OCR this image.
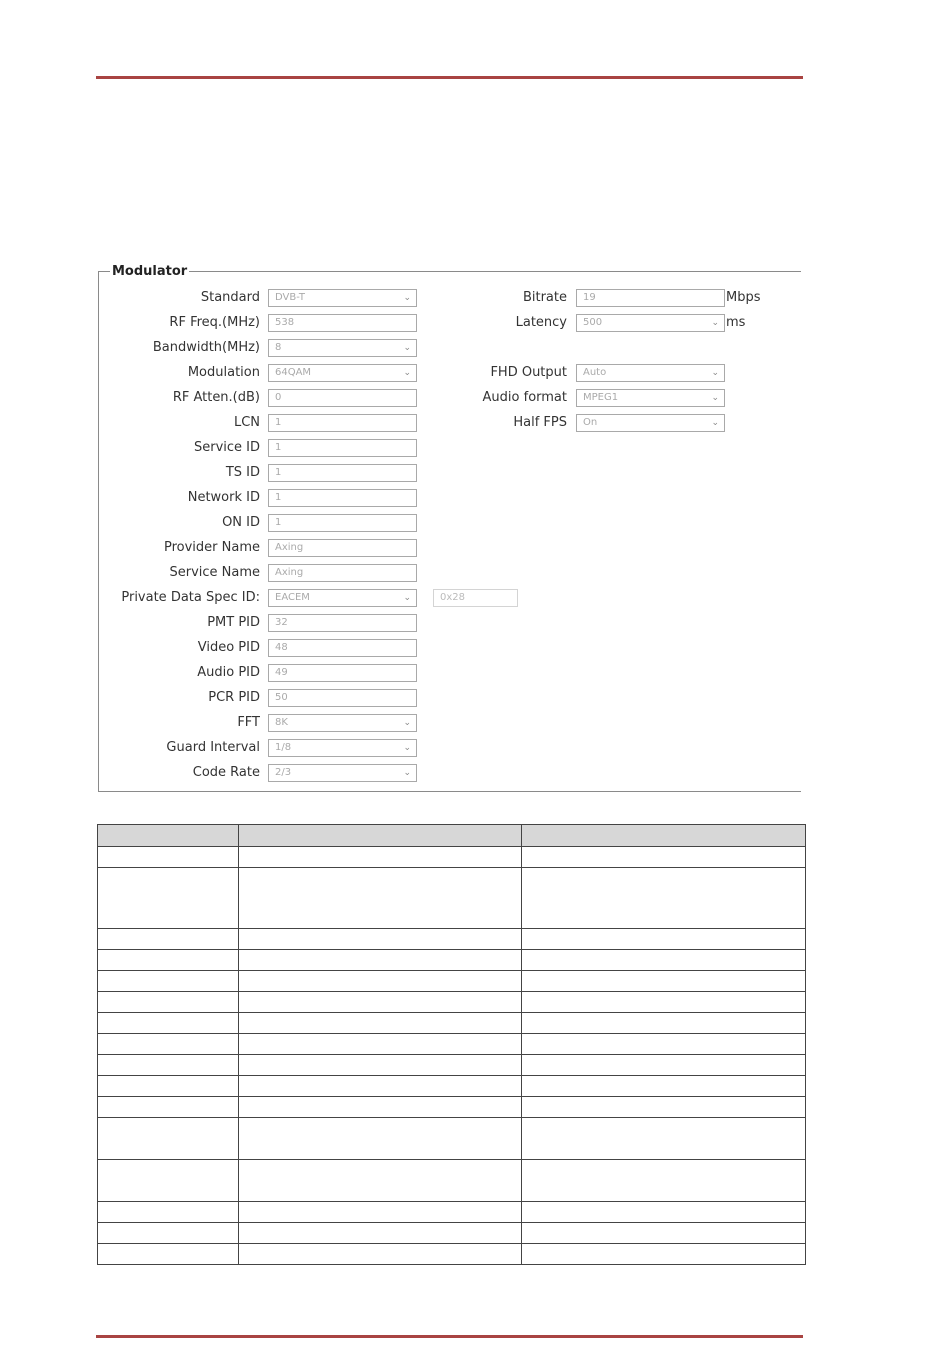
Modulator
Standard	DVB-T	⌄
RF Freq.(MHz)	538
Bandwidth(MHz)	8	⌄
Modulation	64QAM	⌄
RF Atten.(dB)	0
LCN	1
Service ID	1
TS ID	1
Network ID	1
ON ID	1
Provider Name	Axing
Service Name	Axing
Private Data Spec ID:	EACEM	⌄	0x28
PMT PID	32
Video PID	48
Audio PID	49
PCR PID	50
FFT	8K	⌄
Guard Interval	1/8	⌄
Code Rate	2/3	⌄
Bitrate	19	Mbps
Latency	500	⌄ ms
FHD Output	Auto	⌄
Audio format	MPEG1	⌄
Half FPS	On	⌄
